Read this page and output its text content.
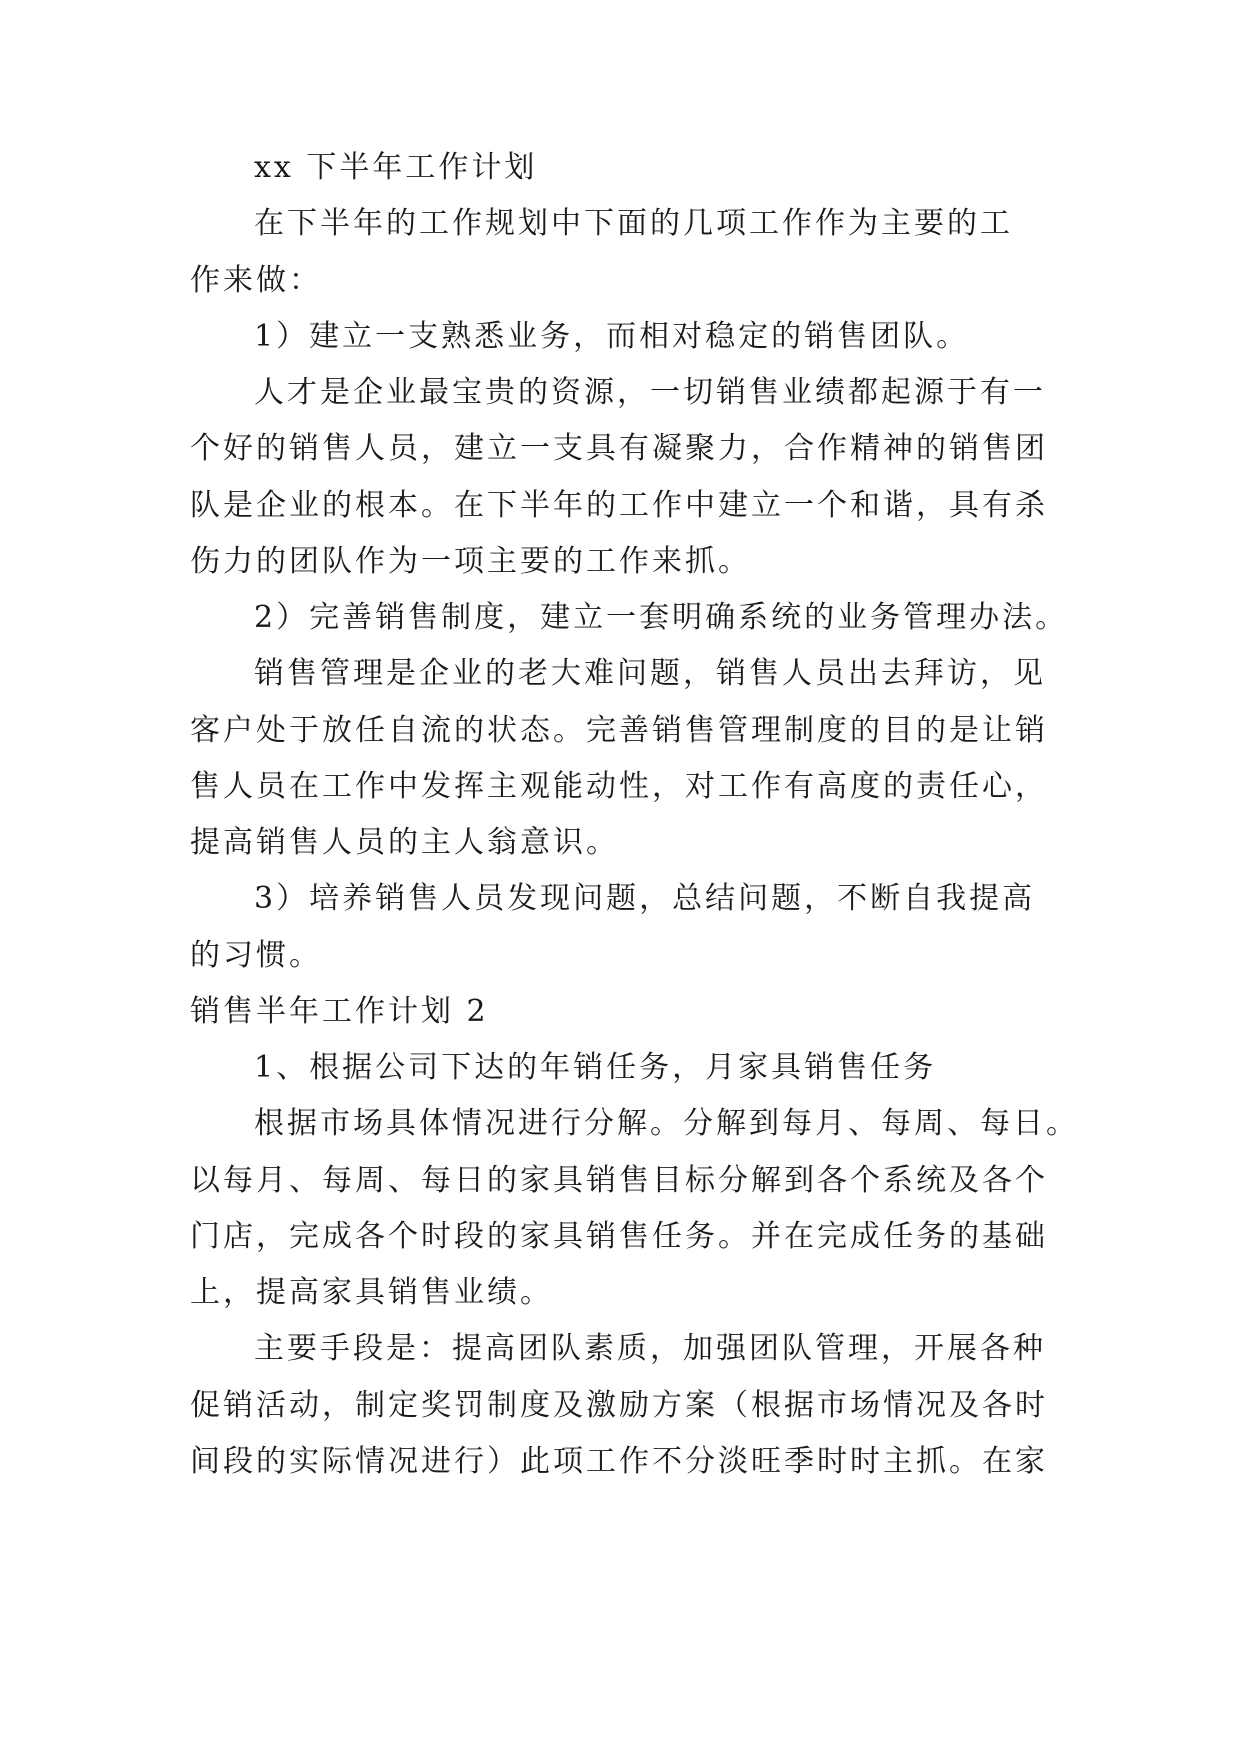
xx 下半年工作计划
在下半年的工作规划中下面的几项工作作为主要的工
作来做：
1）建立一支熟悉业务，而相对稳定的销售团队。
人才是企业最宝贵的资源，一切销售业绩都起源于有一
个好的销售人员，建立一支具有凝聚力，合作精神的销售团
队是企业的根本。在下半年的工作中建立一个和谐，具有杀
伤力的团队作为一项主要的工作来抓。
2）完善销售制度，建立一套明确系统的业务管理办法。
销售管理是企业的老大难问题，销售人员出去拜访，见
客户处于放任自流的状态。完善销售管理制度的目的是让销
售人员在工作中发挥主观能动性，对工作有高度的责任心，
提高销售人员的主人翁意识。
3）培养销售人员发现问题，总结问题，不断自我提高
的习惯。
销售半年工作计划 2
1、根据公司下达的年销任务，月家具销售任务
根据市场具体情况进行分解。分解到每月、每周、每日。
以每月、每周、每日的家具销售目标分解到各个系统及各个
门店，完成各个时段的家具销售任务。并在完成任务的基础
上，提高家具销售业绩。
主要手段是：提高团队素质，加强团队管理，开展各种
促销活动，制定奖罚制度及激励方案（根据市场情况及各时
间段的实际情况进行）此项工作不分淡旺季时时主抓。在家
